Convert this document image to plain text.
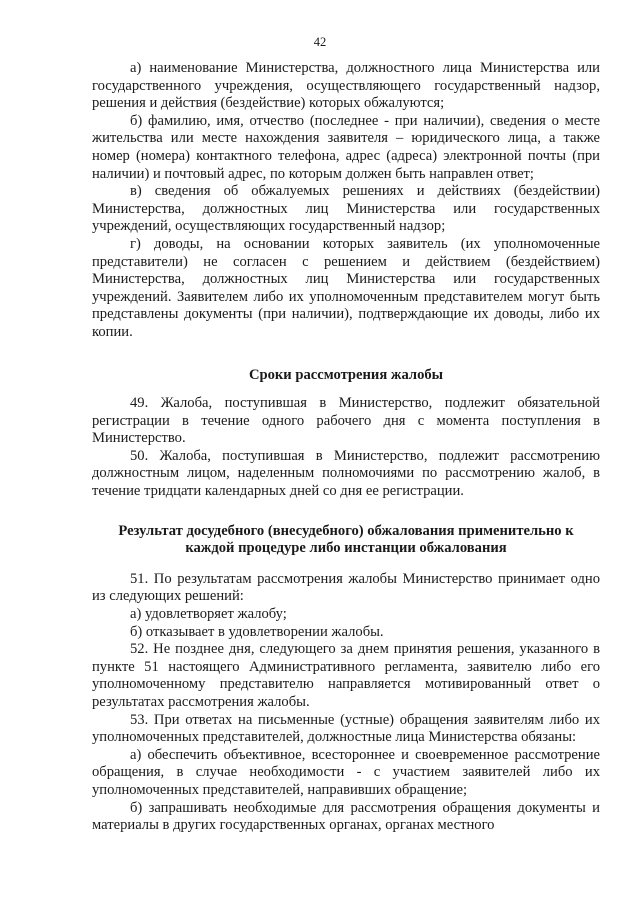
42

а) наименование Министерства, должностного лица Министерства или государственного учреждения, осуществляющего государственный надзор, решения и действия (бездействие) которых обжалуются;

б) фамилию, имя, отчество (последнее - при наличии), сведения о месте жительства или месте нахождения заявителя – юридического лица, а также номер (номера) контактного телефона, адрес (адреса) электронной почты (при наличии) и почтовый адрес, по которым должен быть направлен ответ;

в) сведения об обжалуемых решениях и действиях (бездействии) Министерства, должностных лиц Министерства или государственных учреждений, осуществляющих государственный надзор;

г) доводы, на основании которых заявитель (их уполномоченные представители) не согласен с решением и действием (бездействием) Министерства, должностных лиц Министерства или государственных учреждений. Заявителем либо их уполномоченным представителем могут быть представлены документы (при наличии), подтверждающие их доводы, либо их копии.

Сроки рассмотрения жалобы

49. Жалоба, поступившая в Министерство, подлежит обязательной регистрации в течение одного рабочего дня с момента поступления в Министерство.

50. Жалоба, поступившая в Министерство, подлежит рассмотрению должностным лицом, наделенным полномочиями по рассмотрению жалоб, в течение тридцати календарных дней со дня ее регистрации.

Результат досудебного (внесудебного) обжалования применительно к каждой процедуре либо инстанции обжалования

51. По результатам рассмотрения жалобы Министерство принимает одно из следующих решений:

а) удовлетворяет жалобу;

б) отказывает в удовлетворении жалобы.

52. Не позднее дня, следующего за днем принятия решения, указанного в пункте 51 настоящего Административного регламента, заявителю либо его уполномоченному представителю направляется мотивированный ответ о результатах рассмотрения жалобы.

53. При ответах на письменные (устные) обращения заявителям либо их уполномоченных представителей, должностные лица Министерства обязаны:

а) обеспечить объективное, всестороннее и своевременное рассмотрение обращения, в случае необходимости - с участием заявителей либо их уполномоченных представителей, направивших обращение;

б) запрашивать необходимые для рассмотрения обращения документы и материалы в других государственных органах, органах местного
